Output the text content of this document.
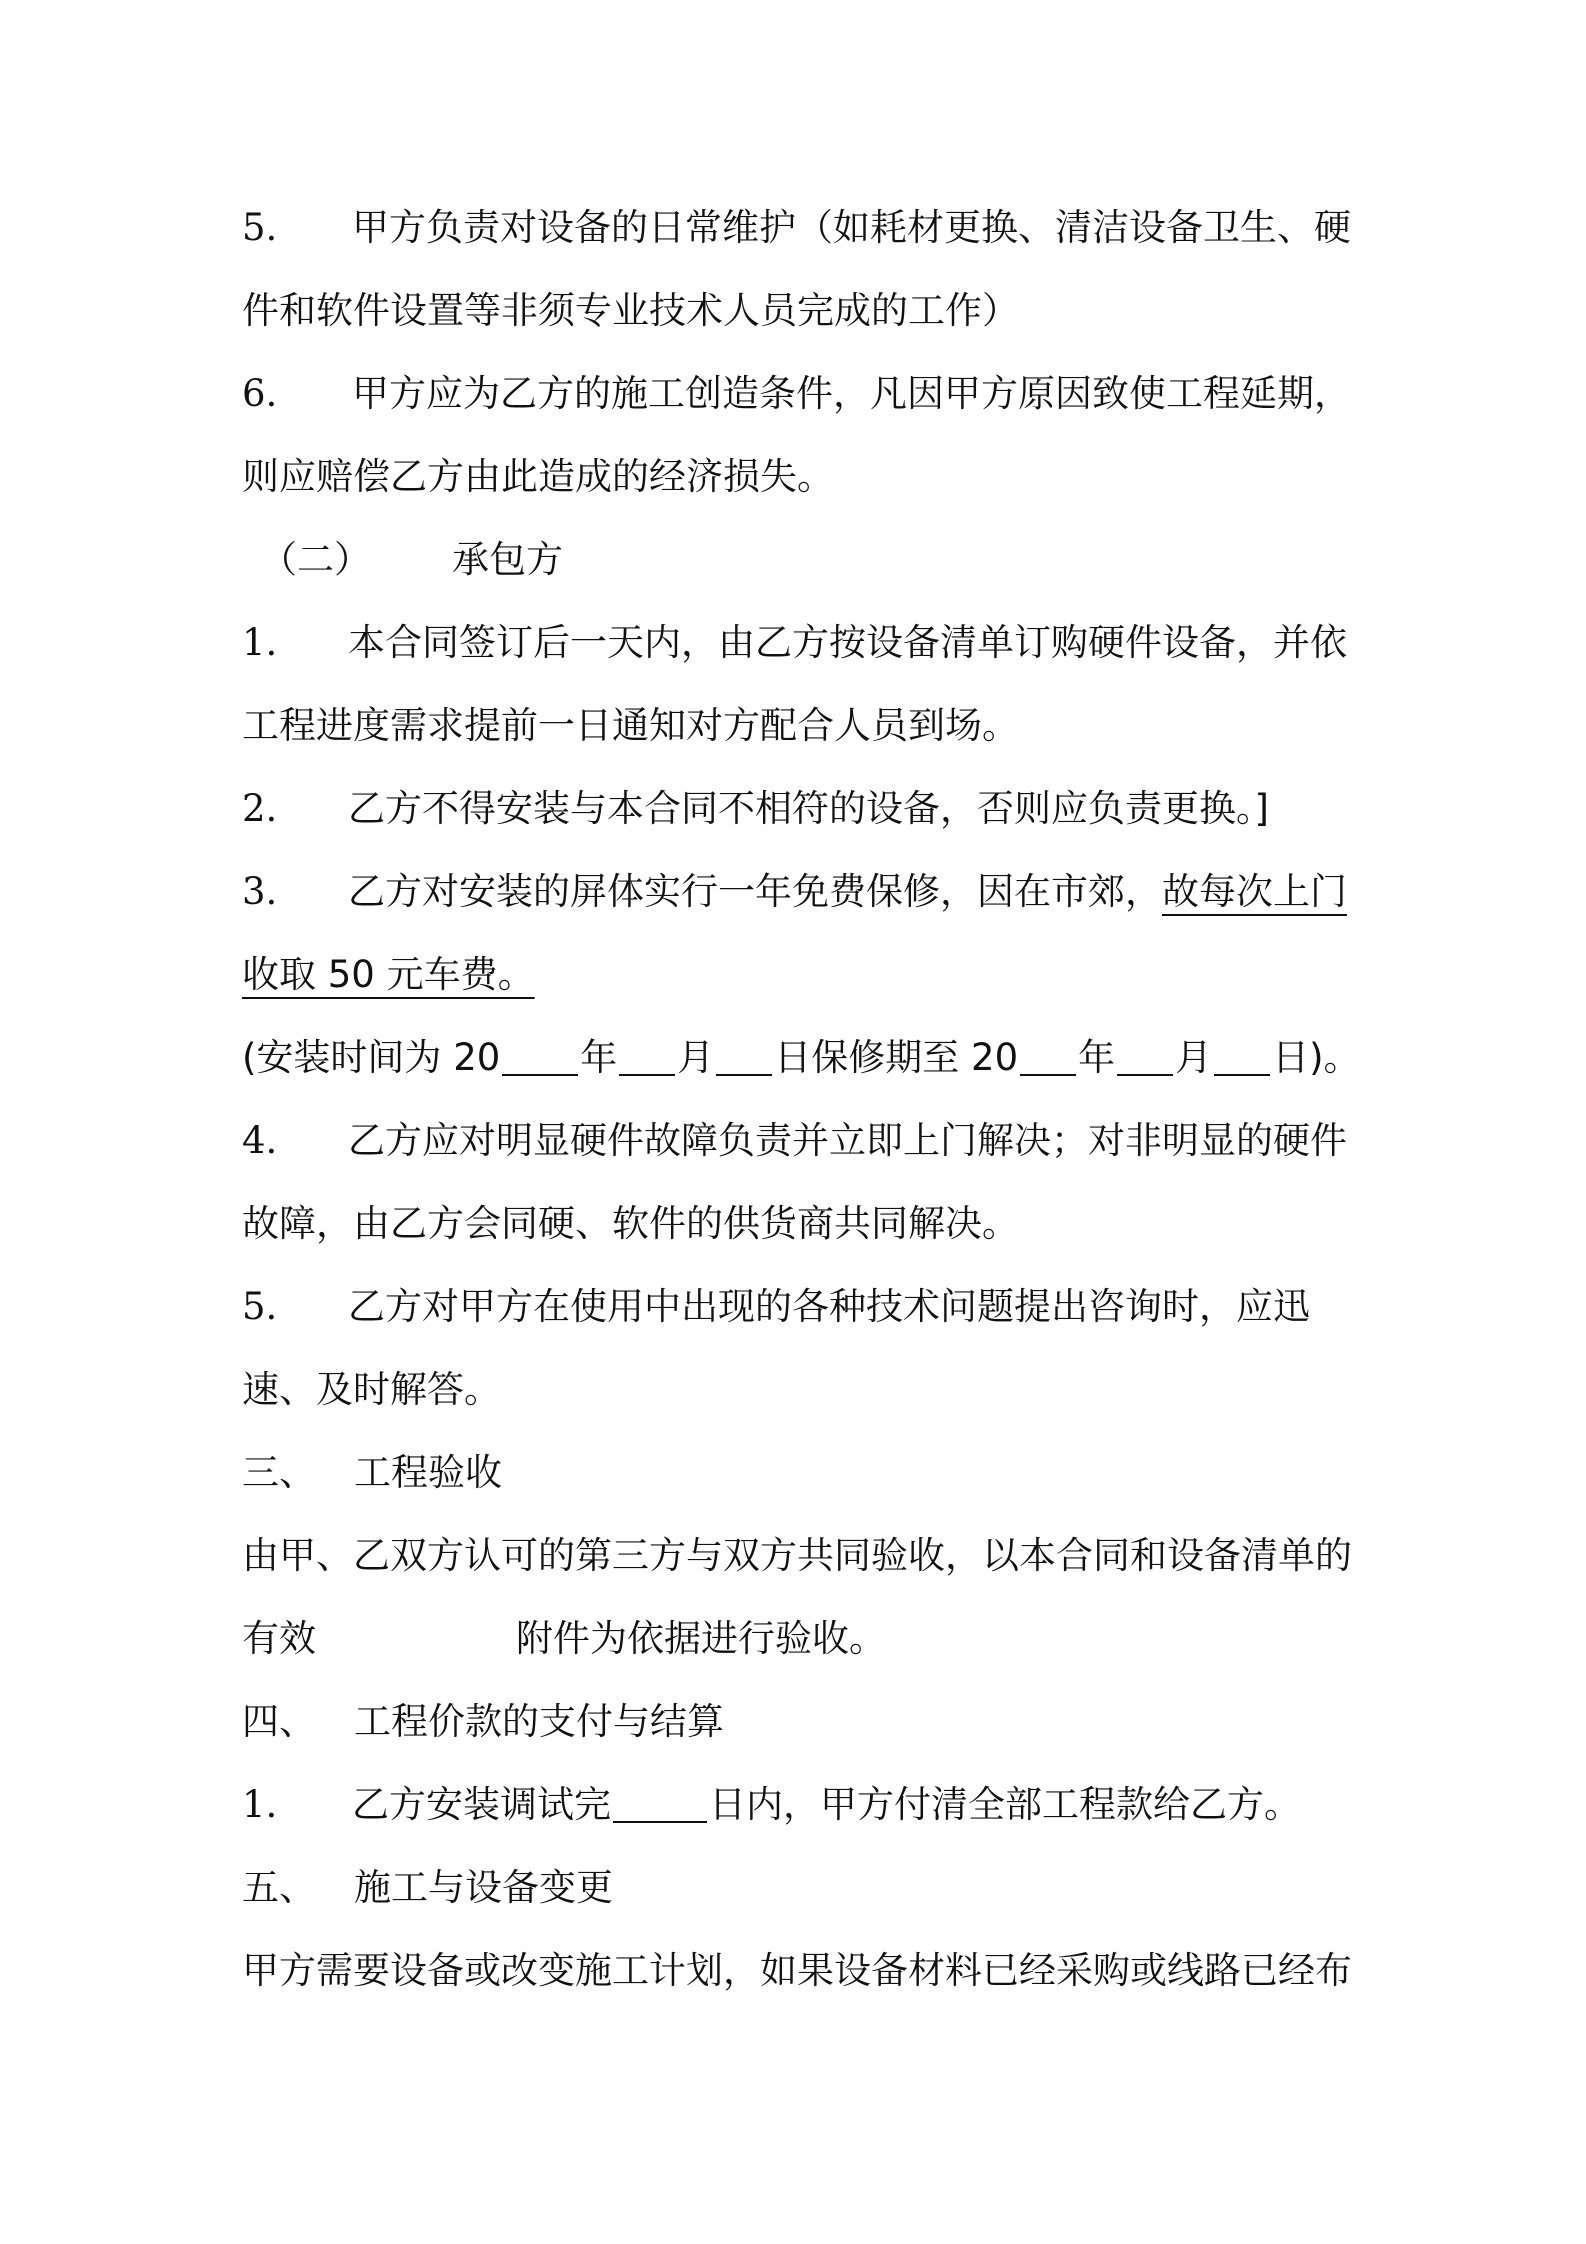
5. 甲方负责对设备的日常维护（如耗材更换、清洁设备卫生、硬
件和软件设置等非须专业技术人员完成的工作）
6. 甲方应为乙方的施工创造条件，凡因甲方原因致使工程延期，
则应赔偿乙方由此造成的经济损失。
（二） 承包方
1. 本合同签订后一天内，由乙方按设备清单订购硬件设备，并依
工程进度需求提前一日通知对方配合人员到场。
2. 乙方不得安装与本合同不相符的设备，否则应负责更换。]
3. 乙方对安装的屏体实行一年免费保修，因在市郊，故每次上门
收取 50 元车费。
(安装时间为 20 年 月 日保修期至 20 年 月 日)。
4. 乙方应对明显硬件故障负责并立即上门解决；对非明显的硬件
故障，由乙方会同硬、软件的供货商共同解决。
5. 乙方对甲方在使用中出现的各种技术问题提出咨询时，应迅
速、及时解答。
三、 工程验收
由甲、乙双方认可的第三方与双方共同验收，以本合同和设备清单的
有效	附件为依据进行验收。
四、 工程价款的支付与结算
1. 乙方安装调试完	日内，甲方付清全部工程款给乙方。
五、 施工与设备变更
甲方需要设备或改变施工计划，如果设备材料已经采购或线路已经布
